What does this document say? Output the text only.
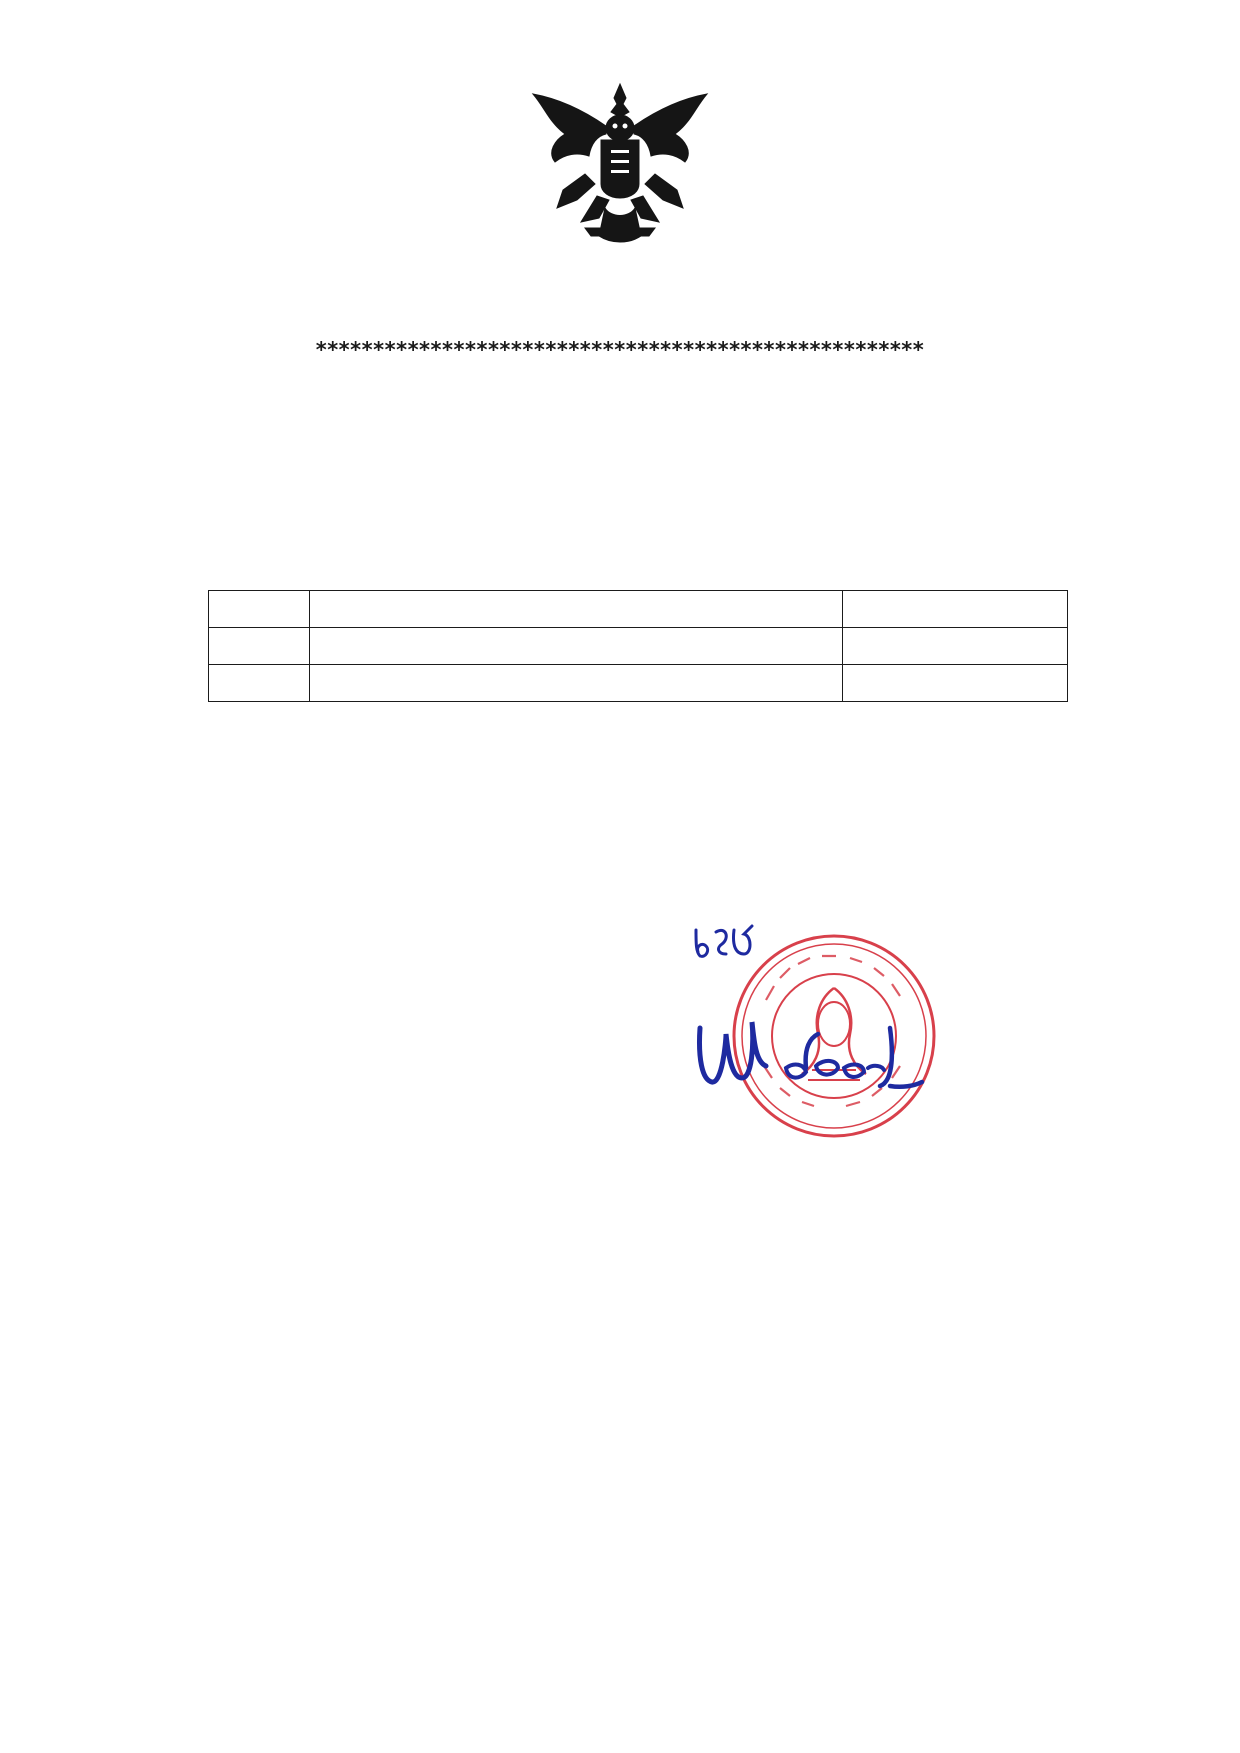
*****************************************************
